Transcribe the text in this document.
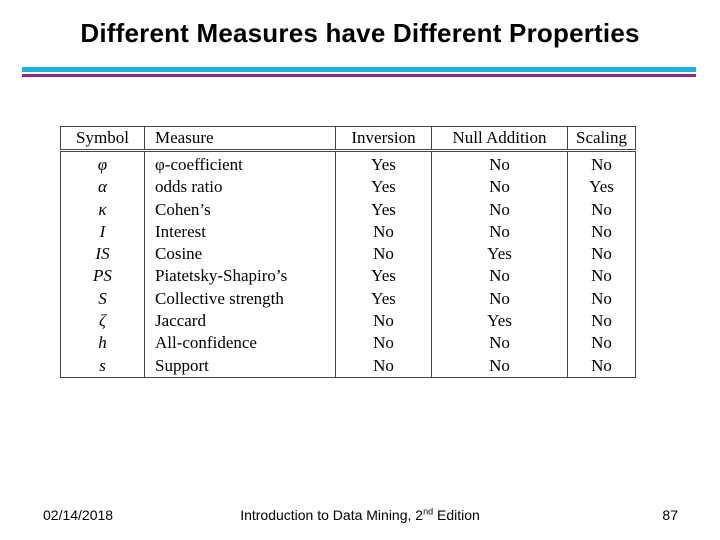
Different Measures have Different Properties
Symbol	Measure	Inversion	Null Addition	Scaling
φ	φ-coefficient	Yes	No	No
α	odds ratio	Yes	No	Yes
κ	Cohen’s	Yes	No	No
I	Interest	No	No	No
IS	Cosine	No	Yes	No
PS	Piatetsky-Shapiro’s	Yes	No	No
S	Collective strength	Yes	No	No
ζ	Jaccard	No	Yes	No
h	All-confidence	No	No	No
s	Support	No	No	No
02/14/2018	Introduction to Data Mining, 2nd Edition	87
